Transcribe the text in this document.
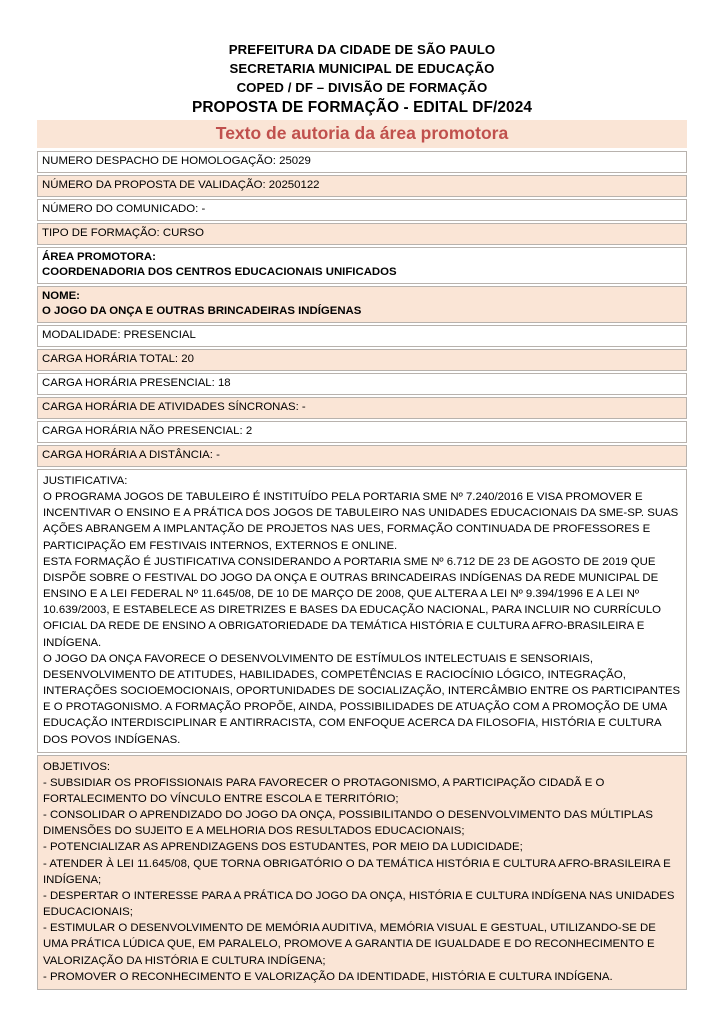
PREFEITURA DA CIDADE DE SÃO PAULO
SECRETARIA MUNICIPAL DE EDUCAÇÃO
COPED / DF – DIVISÃO DE FORMAÇÃO
PROPOSTA DE FORMAÇÃO - EDITAL DF/2024
Texto de autoria da área promotora
NUMERO DESPACHO DE HOMOLOGAÇÃO: 25029
NÚMERO DA PROPOSTA DE VALIDAÇÃO: 20250122
NÚMERO DO COMUNICADO: -
TIPO DE FORMAÇÃO: CURSO
ÁREA PROMOTORA:
COORDENADORIA DOS CENTROS EDUCACIONAIS UNIFICADOS
NOME:
O JOGO DA ONÇA E OUTRAS BRINCADEIRAS INDÍGENAS
MODALIDADE: PRESENCIAL
CARGA HORÁRIA TOTAL: 20
CARGA HORÁRIA PRESENCIAL: 18
CARGA HORÁRIA DE ATIVIDADES SÍNCRONAS: -
CARGA HORÁRIA NÃO PRESENCIAL: 2
CARGA HORÁRIA A DISTÂNCIA: -

JUSTIFICATIVA:

O PROGRAMA JOGOS DE TABULEIRO É INSTITUÍDO PELA PORTARIA SME Nº 7.240/2016 E VISA PROMOVER E INCENTIVAR O ENSINO E A PRÁTICA DOS JOGOS DE TABULEIRO NAS UNIDADES EDUCACIONAIS DA SME-SP. SUAS AÇÕES ABRANGEM A IMPLANTAÇÃO DE PROJETOS NAS UES, FORMAÇÃO CONTINUADA DE PROFESSORES E PARTICIPAÇÃO EM FESTIVAIS INTERNOS, EXTERNOS E ONLINE.

ESTA FORMAÇÃO É JUSTIFICATIVA CONSIDERANDO A PORTARIA SME Nº 6.712 DE 23 DE AGOSTO DE 2019 QUE DISPÕE SOBRE O FESTIVAL DO JOGO DA ONÇA E OUTRAS BRINCADEIRAS INDÍGENAS DA REDE MUNICIPAL DE ENSINO E A LEI FEDERAL Nº 11.645/08, DE 10 DE MARÇO DE 2008, QUE ALTERA A LEI Nº 9.394/1996 E A LEI Nº 10.639/2003, E ESTABELECE AS DIRETRIZES E BASES DA EDUCAÇÃO NACIONAL, PARA INCLUIR NO CURRÍCULO OFICIAL DA REDE DE ENSINO A OBRIGATORIEDADE DA TEMÁTICA HISTÓRIA E CULTURA AFRO-BRASILEIRA E INDÍGENA.

O JOGO DA ONÇA FAVORECE O DESENVOLVIMENTO DE ESTÍMULOS INTELECTUAIS E SENSORIAIS, DESENVOLVIMENTO DE ATITUDES, HABILIDADES, COMPETÊNCIAS E RACIOCÍNIO LÓGICO, INTEGRAÇÃO, INTERAÇÕES SOCIOEMOCIONAIS, OPORTUNIDADES DE SOCIALIZAÇÃO, INTERCÂMBIO ENTRE OS PARTICIPANTES E O PROTAGONISMO. A FORMAÇÃO PROPÕE, AINDA, POSSIBILIDADES DE ATUAÇÃO COM A PROMOÇÃO DE UMA EDUCAÇÃO INTERDISCIPLINAR E ANTIRRACISTA, COM ENFOQUE ACERCA DA FILOSOFIA, HISTÓRIA E CULTURA DOS POVOS INDÍGENAS.

OBJETIVOS:

- SUBSIDIAR OS PROFISSIONAIS PARA FAVORECER O PROTAGONISMO, A PARTICIPAÇÃO CIDADÃ E O FORTALECIMENTO DO VÍNCULO ENTRE ESCOLA E TERRITÓRIO;

- CONSOLIDAR O APRENDIZADO DO JOGO DA ONÇA, POSSIBILITANDO O DESENVOLVIMENTO DAS MÚLTIPLAS DIMENSÕES DO SUJEITO E A MELHORIA DOS RESULTADOS EDUCACIONAIS;

- POTENCIALIZAR AS APRENDIZAGENS DOS ESTUDANTES, POR MEIO DA LUDICIDADE;

- ATENDER À LEI 11.645/08, QUE TORNA OBRIGATÓRIO O DA TEMÁTICA HISTÓRIA E CULTURA AFRO-BRASILEIRA E INDÍGENA;

- DESPERTAR O INTERESSE PARA A PRÁTICA DO JOGO DA ONÇA, HISTÓRIA E CULTURA INDÍGENA NAS UNIDADES EDUCACIONAIS;

- ESTIMULAR O DESENVOLVIMENTO DE MEMÓRIA AUDITIVA, MEMÓRIA VISUAL E GESTUAL, UTILIZANDO-SE DE UMA PRÁTICA LÚDICA QUE, EM PARALELO, PROMOVE A GARANTIA DE IGUALDADE E DO RECONHECIMENTO E VALORIZAÇÃO DA HISTÓRIA E CULTURA INDÍGENA;

- PROMOVER O RECONHECIMENTO E VALORIZAÇÃO DA IDENTIDADE, HISTÓRIA E CULTURA INDÍGENA.
